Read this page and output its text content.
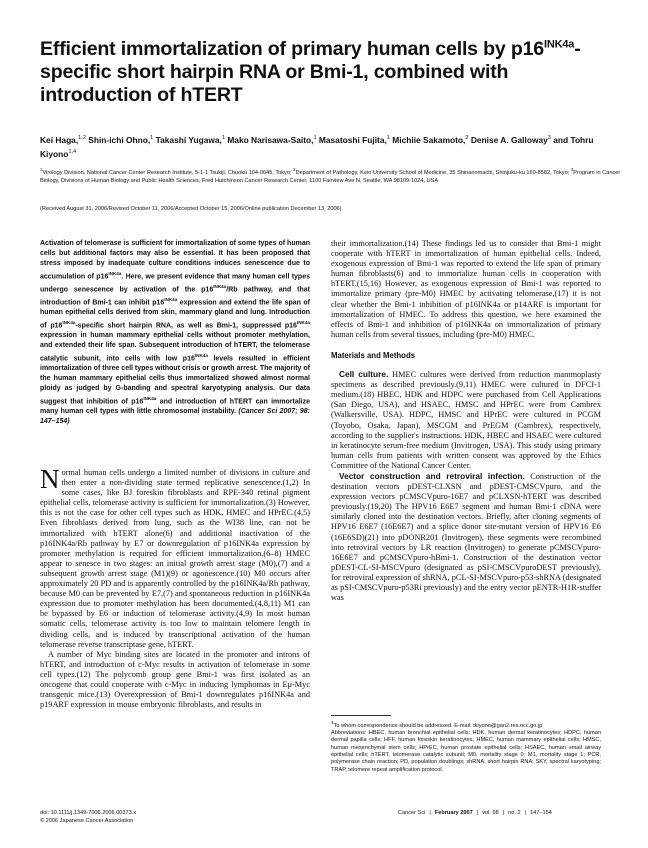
Efficient immortalization of primary human cells by $p16^{INK4a}$-specific short hairpin RNA or Bmi-1, combined with introduction of hTERT
Kei Haga,$^{1,2}$ Shin-ichi Ohno,$^1$ Takashi Yugawa,$^1$ Mako Narisawa-Saito,$^1$ Masatoshi Fujita,$^1$ Michiie Sakamoto,$^2$ Denise A. Galloway$^3$ and Tohru Kiyono$^{1,4}$
$^1$Virology Division, National Cancer Center Research Institute, 5-1-1 Tsukiji, Chuoku 104-0045, Tokyo; $^2$Department of Pathology, Keio University School of Medicine, 35 Shinanomachi, Shinjuku-ku 160-8582, Tokyo; $^3$Program in Cancer Biology, Divisions of Human Biology and Public Health Sciences, Fred Hutchinson Cancer Research Center, 1100 Fairview Ave N, Seattle, WA 98109-1024, USA
(Received August 31, 2006/Revised October 11, 2006/Accepted October 15, 2006/Online publication December 13, 2006)

Activation of telomerase is sufficient for immortalization of some types of human cells but additional factors may also be essential. It has been proposed that stress imposed by inadequate culture conditions induces senescence due to accumulation of $p16^{INK4a}$. Here, we present evidence that many human cell types undergo senescence by activation of the $p16^{INK4a}/Rb$ pathway, and that introduction of Bmi-1 can inhibit $p16^{INK4a}$ expression and extend the life span of human epithelial cells derived from skin, mammary gland and lung. Introduction of $p16^{INK4a}$-specific short hairpin RNA, as well as Bmi-1, suppressed $p16^{INK4a}$ expression in human mammary epithelial cells without promoter methylation, and extended their life span. Subsequent introduction of hTERT, the telomerase catalytic subunit, into cells with low $p16^{INK4a}$ levels resulted in efficient immortalization of three cell types without crisis or growth arrest. The majority of the human mammary epithelial cells thus immortalized showed almost normal ploidy as judged by G-banding and spectral karyotyping analysis. Our data suggest that inhibition of $p16^{INK4a}$ and introduction of hTERT can immortalize many human cell types with little chromosomal instability. (Cancer Sci 2007; 98: 147–154)

Normal human cells undergo a limited number of divisions in culture and then enter a non-dividing state termed replicative senescence.(1,2) In some cases, like BJ foreskin fibroblasts and RPE-340 retinal pigment epithelial cells, telomerase activity is sufficient for immortalization.(3) However, this is not the case for other cell types such as HDK, HMEC and HPrEC.(4,5) Even fibroblasts derived from lung, such as the WI38 line, can not be immortalized with hTERT alone(6) and additional inactivation of the p16INK4a/Rb pathway by E7 or downregulation of p16INK4a expression by promoter methylation is required for efficient immortalization.(6–8) HMEC appear to senesce in two stages: an initial growth arrest stage (M0),(7) and a subsequent growth arrest stage (M1)(9) or agonescence.(10) M0 occurs after approximately 20 PD and is apparently controlled by the p16INK4a/Rb pathway, because M0 can be prevented by E7,(7) and spontaneous reduction in p16INK4a expression due to promoter methylation has been documented.(4,8,11) M1 can be bypassed by E6 or induction of telomerase activity.(4,9) In most human somatic cells, telomerase activity is too low to maintain telomere length in dividing cells, and is induced by transcriptional activation of the human telomerase reverse transcriptase gene, hTERT.

A number of Myc binding sites are located in the promoter and introns of hTERT, and introduction of c-Myc results in activation of telomerase in some cell types.(12) The polycomb group gene Bmi-1 was first isolated as an oncogene that could cooperate with c-Myc in inducing lymphomas in Eμ-Myc transgenic mice.(13) Overexpression of Bmi-1 downregulates p16INK4a and p19ARF expression in mouse embryonic fibroblasts, and results in

their immortalization.(14) These findings led us to consider that Bmi-1 might cooperate with hTERT in immortalization of human epithelial cells. Indeed, exogenous expression of Bmi-1 was reported to extend the life span of primary human fibroblasts(6) and to immortalize human cells in cooperation with hTERT.(15,16) However, as exogenous expression of Bmi-1 was reported to immortalize primary (pre-M0) HMEC by activating telomerase,(17) it is not clear whether the Bmi-1 inhibition of p16INK4a or p14ARF is important for immortalization of HMEC. To address this question, we here examined the effects of Bmi-1 and inhibition of p16INK4a on immortalization of primary human cells from several tissues, including (pre-M0) HMEC.

Materials and Methods

Cell culture. HMEC cultures were derived from reduction mammoplasty specimens as described previously.(9,11) HMEC were cultured in DFCI-1 medium.(18) HBEC, HDK and HDPC were purchased from Cell Applications (San Diego, USA), and HSAEC, HMSC and HPrEC were from Cambrex (Walkersville, USA). HDPC, HMSC and HPrEC were cultured in PCGM (Toyobo, Osaka, Japan), MSCGM and PrEGM (Cambrex), respectively, according to the supplier's instructions. HDK, HBEC and HSAEC were cultured in keratinocyte serum-free medium (Invitrogen, USA). This study using primary human cells from patients with written consent was approved by the Ethics Committee of the National Cancer Center.

Vector construction and retroviral infection. Construction of the destination vectors pDEST-CLXSN and pDEST-CMSCVpuro, and the expression vectors pCMSCVpuro-16E7 and pCLXSN-hTERT was described previously.(19,20) The HPV16 E6E7 segment and human Bmi-1 cDNA were similarly cloned into the destination vectors. Briefly, after cloning segments of HPV16 E6E7 (16E6E7) and a splice donor site-mutant version of HPV16 E6 (16E6SD)(21) into pDONR201 (Invitrogen), these segments were recombined into retroviral vectors by LR reaction (Invitrogen) to generate pCMSCVpuro-16E6E7 and pCMSCVpuro-hBmi-1. Construction of the destination vector pDEST-CL-SI-MSCVpuro (designated as pSI-CMSCVpuroDEST previously), for retroviral expression of shRNA, pCL-SI-MSCVpuro-p53-shRNA (designated as pSI-CMSCVpuro-p53Ri previously) and the entry vector pENTR-H1R-stuffer was

$^4$To whom correspondence should be addressed. E-mail: tkiyono@gan2.res.ncc.go.jp
Abbreviations: HBEC, human bronchial epithelial cells; HDK, human dermal keratinocytes; HDPC, human dermal papilla cells; HFF, human foreskin keratinocytes; HMEC, human mammary epithelial cells; HMSC, human mesenchymal stem cells; HPrEC, human prostate epithelial cells; HSAEC, human small airway epithelial cells; hTERT, telomerase catalytic subunit; M0, mortality stage 0; M1, mortality stage 1; PCR, polymerase chain reaction; PD, population doublings; shRNA, short hairpin RNA; SKY, spectral karyotyping; TRAP, telomere repeat amplification protocol.
doi: 10.1111/j.1349-7006.2006.00373.x
© 2006 Japanese Cancer Association
Cancer Sci | February 2007 | vol. 98 | no. 2 | 147–154
